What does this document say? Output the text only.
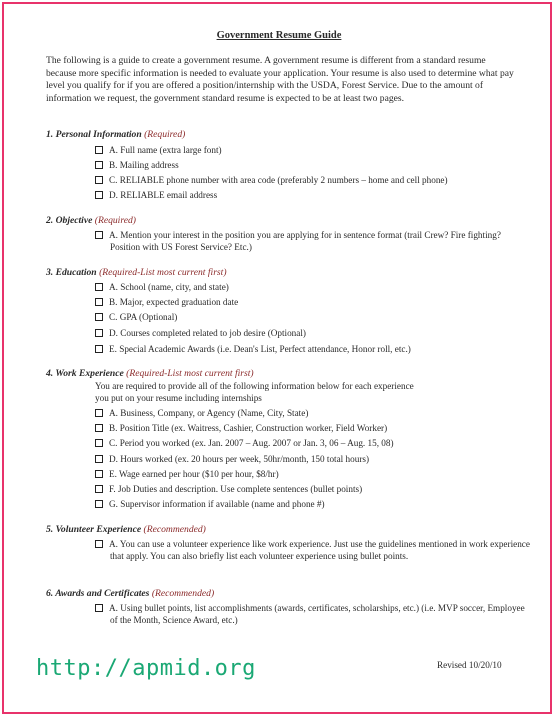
Government Resume Guide
The following is a guide to create a government resume. A government resume is different from a standard resume because more specific information is needed to evaluate your application. Your resume is also used to determine what pay level you qualify for if you are offered a position/internship with the USDA, Forest Service. Due to the amount of information we request, the government standard resume is expected to be at least two pages.
1. Personal Information (Required)
A. Full name (extra large font)
B. Mailing address
C. RELIABLE phone number with area code (preferably 2 numbers – home and cell phone)
D. RELIABLE email address
2. Objective (Required)
A. Mention your interest in the position you are applying for in sentence format (trail Crew? Fire fighting? Position with US Forest Service? Etc.)
3. Education (Required-List most current first)
A. School (name, city, and state)
B. Major, expected graduation date
C. GPA (Optional)
D. Courses completed related to job desire (Optional)
E. Special Academic Awards (i.e. Dean's List, Perfect attendance, Honor roll, etc.)
4. Work Experience (Required-List most current first)
You are required to provide all of the following information below for each experience you put on your resume including internships
A. Business, Company, or Agency (Name, City, State)
B. Position Title (ex. Waitress, Cashier, Construction worker, Field Worker)
C. Period you worked (ex. Jan. 2007 – Aug. 2007 or Jan. 3, 06 – Aug. 15, 08)
D. Hours worked (ex. 20 hours per week, 50hr/month, 150 total hours)
E. Wage earned per hour ($10 per hour, $8/hr)
F. Job Duties and description. Use complete sentences (bullet points)
G. Supervisor information if available (name and phone #)
5. Volunteer Experience (Recommended)
A. You can use a volunteer experience like work experience. Just use the guidelines mentioned in work experience that apply. You can also briefly list each volunteer experience using bullet points.
6. Awards and Certificates (Recommended)
A. Using bullet points, list accomplishments (awards, certificates, scholarships, etc.) (i.e. MVP soccer, Employee of the Month, Science Award, etc.)
Revised 10/20/10
http://apmid.org
